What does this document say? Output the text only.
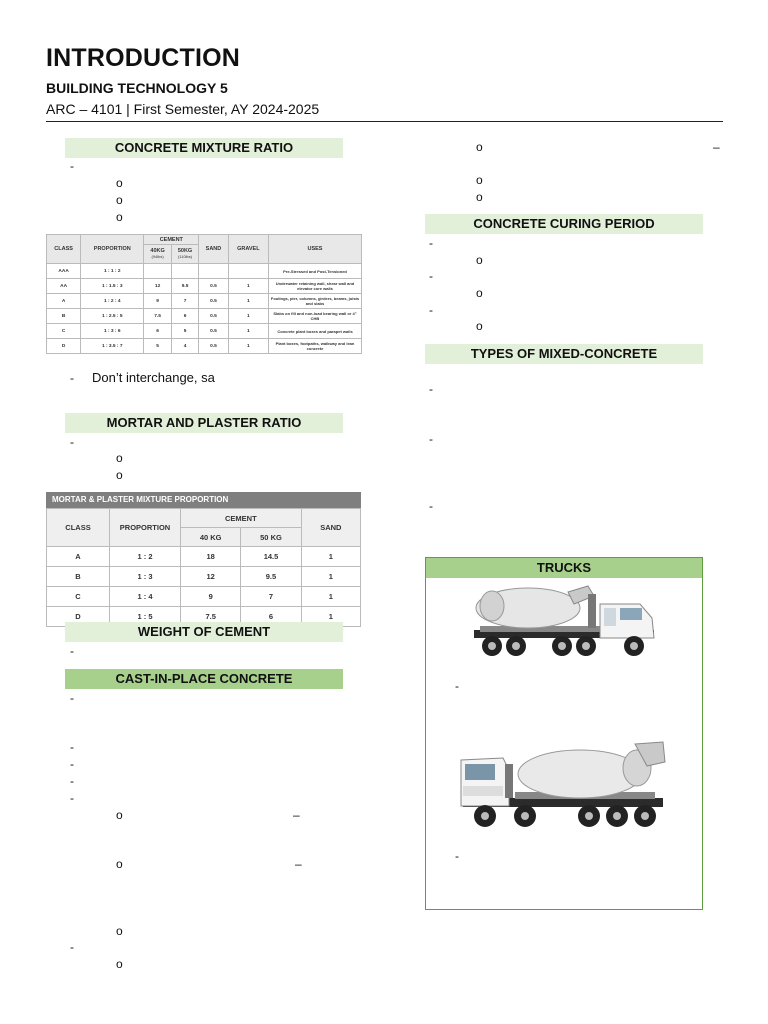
INTRODUCTION
BUILDING TECHNOLOGY 5
ARC – 4101 | First Semester, AY 2024-2025
CONCRETE MIXTURE RATIO
-
o
o
o
CLASS	PROPORTION	CEMENT		SAND	GRAVEL	USES
		40KG
(94lbs)	50KG
(110lbs)			
AAA	1 : 1 : 2					Pre-Stressed and Post-Tensioned
AA	1 : 1.5 : 3	12	9.5	0.5	1	Underwater retaining wall, shear wall and elevator core walls
A	1 : 2 : 4	9	7	0.5	1	Footings, pier, columns, girders, beams, joists and slabs
B	1 : 2.5 : 5	7.5	6	0.5	1	Slabs on fill and non-load bearing wall or 4" CHB
C	1 : 3 : 6	6	5	0.5	1	Concrete plant boxes and parapet walls
D	1 : 3.5 : 7	5	4	0.5	1	Plant boxes, footpaths, walkway and lean concrete
- Don’t interchange, sa
MORTAR AND PLASTER RATIO
-
o
o
MORTAR & PLASTER MIXTURE PROPORTION
CLASS	PROPORTION	CEMENT		SAND
		40 KG	50 KG	
A	1 : 2	18	14.5	1
B	1 : 3	12	9.5	1
C	1 : 4	9	7	1
D	1 : 5	7.5	6	1
WEIGHT OF CEMENT
-
CAST-IN-PLACE CONCRETE
-
-
-
-
-
o	–
o	–
o
-
o
o	–
o
o
CONCRETE CURING PERIOD
-
o
-
o
-
o
TYPES OF MIXED-CONCRETE
-
-
-
TRUCKS
-
-
